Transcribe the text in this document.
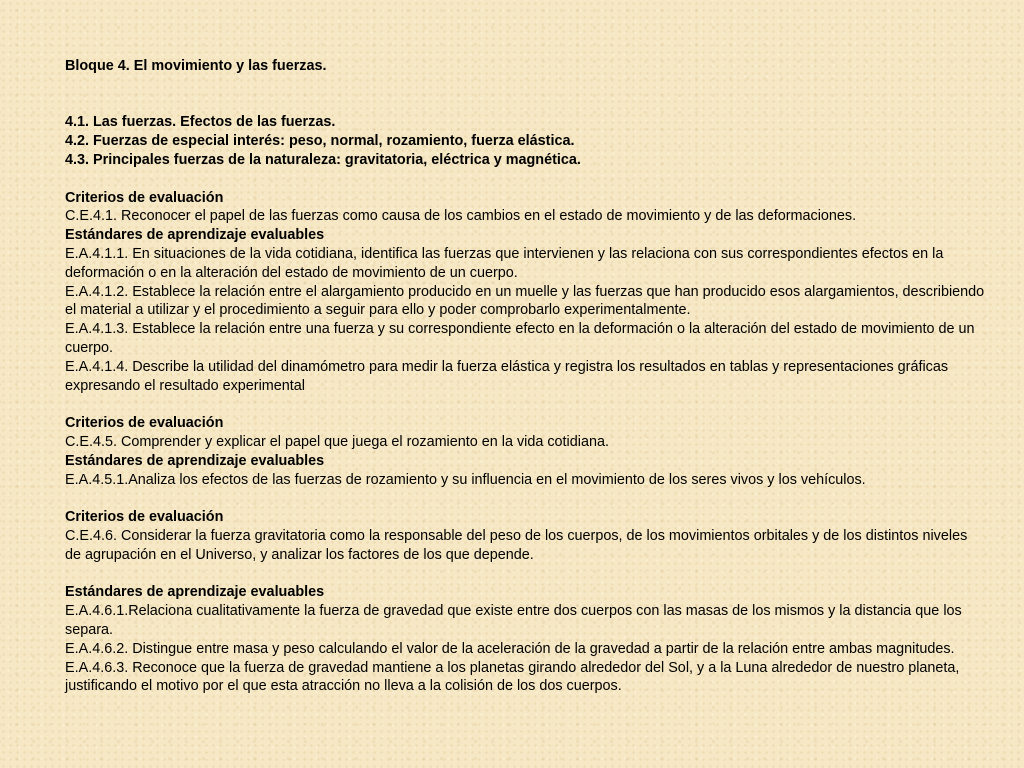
Bloque 4. El movimiento y las fuerzas.
4.1. Las fuerzas. Efectos de las fuerzas.
4.2. Fuerzas de especial interés: peso, normal, rozamiento, fuerza elástica.
4.3. Principales fuerzas de la naturaleza: gravitatoria, eléctrica y magnética.
Criterios de evaluación
C.E.4.1. Reconocer el papel de las fuerzas como causa de los cambios en el estado de movimiento y de las deformaciones.
Estándares de aprendizaje evaluables
E.A.4.1.1. En situaciones de la vida cotidiana, identifica las fuerzas que intervienen y las relaciona con sus correspondientes efectos en la deformación o en la alteración del estado de movimiento de un cuerpo.
E.A.4.1.2. Establece la relación entre el alargamiento producido en un muelle y las fuerzas que han producido esos alargamientos, describiendo el material a utilizar y el procedimiento a seguir para ello y poder comprobarlo experimentalmente.
E.A.4.1.3. Establece la relación entre una fuerza y su correspondiente efecto en la deformación o la alteración del estado de movimiento de un cuerpo.
E.A.4.1.4. Describe la utilidad del dinamómetro para medir la fuerza elástica y registra los resultados en tablas y representaciones gráficas expresando el resultado experimental
Criterios de evaluación
C.E.4.5. Comprender y explicar el papel que juega el rozamiento en la vida cotidiana.
Estándares de aprendizaje evaluables
E.A.4.5.1.Analiza los efectos de las fuerzas de rozamiento y su influencia en el movimiento de los seres vivos y los vehículos.
Criterios de evaluación
C.E.4.6. Considerar la fuerza gravitatoria como la responsable del peso de los cuerpos, de los movimientos orbitales y de los distintos niveles de agrupación en el Universo, y analizar los factores de los que depende.
Estándares de aprendizaje evaluables
E.A.4.6.1.Relaciona cualitativamente la fuerza de gravedad que existe entre dos cuerpos con las masas de los mismos y la distancia que los separa.
E.A.4.6.2. Distingue entre masa y peso calculando el valor de la aceleración de la gravedad a partir de la relación entre ambas magnitudes.
E.A.4.6.3. Reconoce que la fuerza de gravedad mantiene a los planetas girando alrededor del Sol, y a la Luna alrededor de nuestro planeta, justificando el motivo por el que esta atracción no lleva a la colisión de los dos cuerpos.
